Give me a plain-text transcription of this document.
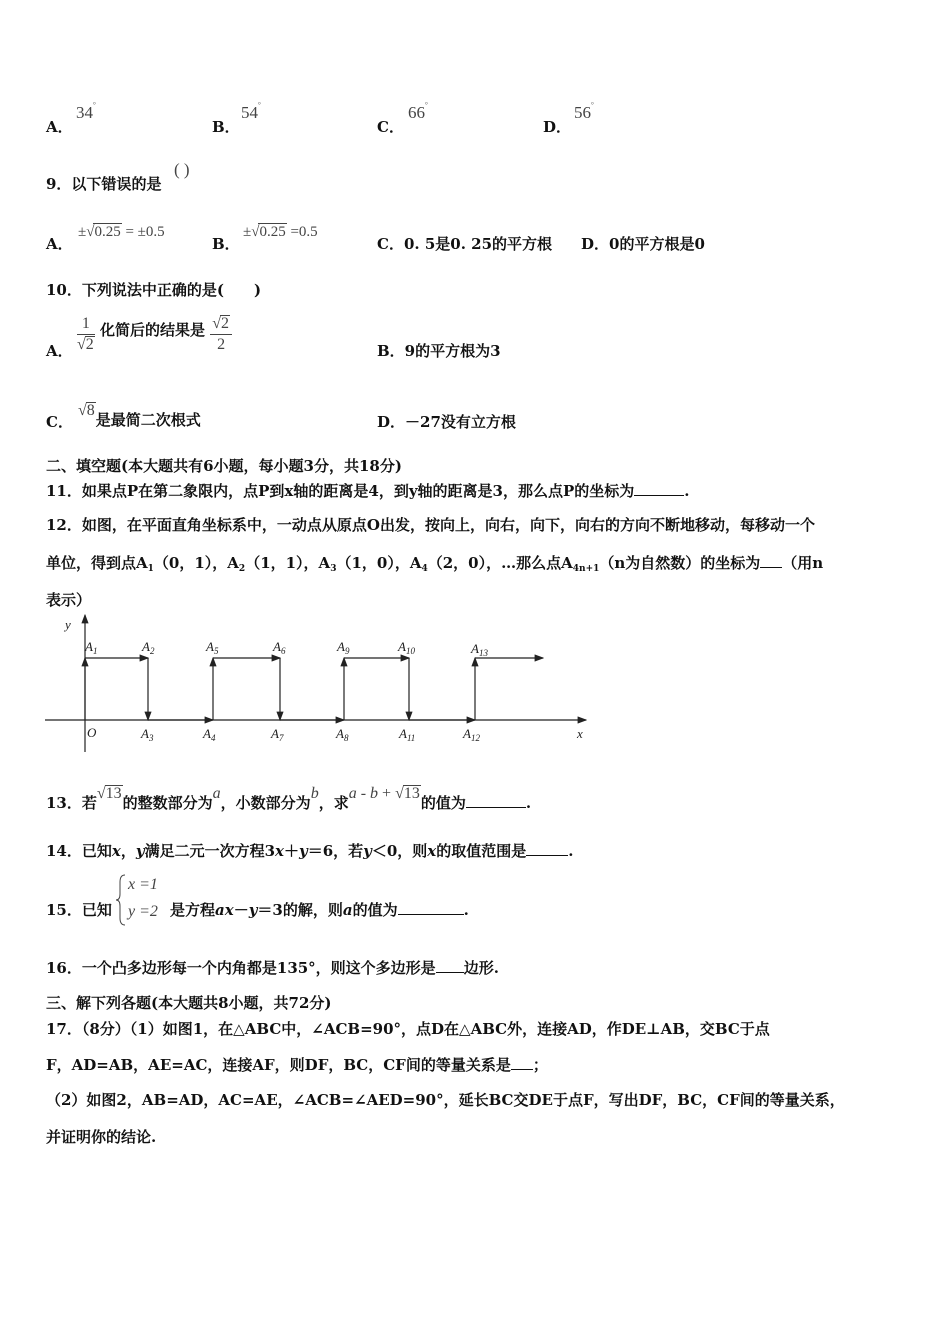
A．
34°
B．
54°
C．
66°
D．
56°
9．以下错误的是
( )
A．
±√0.25 = ±0.5
B．
±√0.25 =0.5
C．0. 5是0. 25的平方根 D．0的平方根是0
10．下列说法中正确的是(　　)
A． $\frac{1}{√2}$ 化简后的结果是 $\frac{√2}{2}$	B．9的平方根为3
C．
√8是最简二次根式	D．－27没有立方根
二、填空题(本大题共有6小题，每小题3分，共18分)
11．如果点P在第二象限内，点P到x轴的距离是4，到y轴的距离是3，那么点P的坐标为	.
12．如图，在平面直角坐标系中，一动点从原点O出发，按向上，向右，向下，向右的方向不断地移动，每移动一个
单位，得到点$A_1(0$，1），$A_2(1$，1），$A_3(1$，0），$A_4(2$，0），…那么点$A_{4n+1}(n$为自然数）的坐标为 （用n
表示）
y
x
O
$A_1$	$A_2$	$A_5$	$A_6$	$A_9$	$A_{10}$	$A_{13}$
$A_3$	$A_4$	$A_7$	$A_8$	$A_{11}$	$A_{12}$
13．若√13的整数部分为a，小数部分为b，求a - b + √13的值为	.
14．已知x，y满足二元一次方程3x＋y＝6，若y＜0，则x的取值范围是	.
15．已知
x =1
y =2 是方程ax－y＝3的解，则a的值为	.
16．一个凸多边形每一个内角都是135°，则这个多边形是 边形.
三、解下列各题(本大题共8小题，共72分)
17．（8分）（1）如图1，在△ABC中，∠ACB=90°，点D在△ABC外，连接AD，作DE⊥AB，交BC于点
F，AD=AB，AE=AC，连接AF，则DF，BC，CF间的等量关系是 ；
（2）如图2，AB=AD，AC=AE，∠ACB=∠AED=90°，延长BC交DE于点F，写出DF，BC，CF间的等量关系，
并证明你的结论.
